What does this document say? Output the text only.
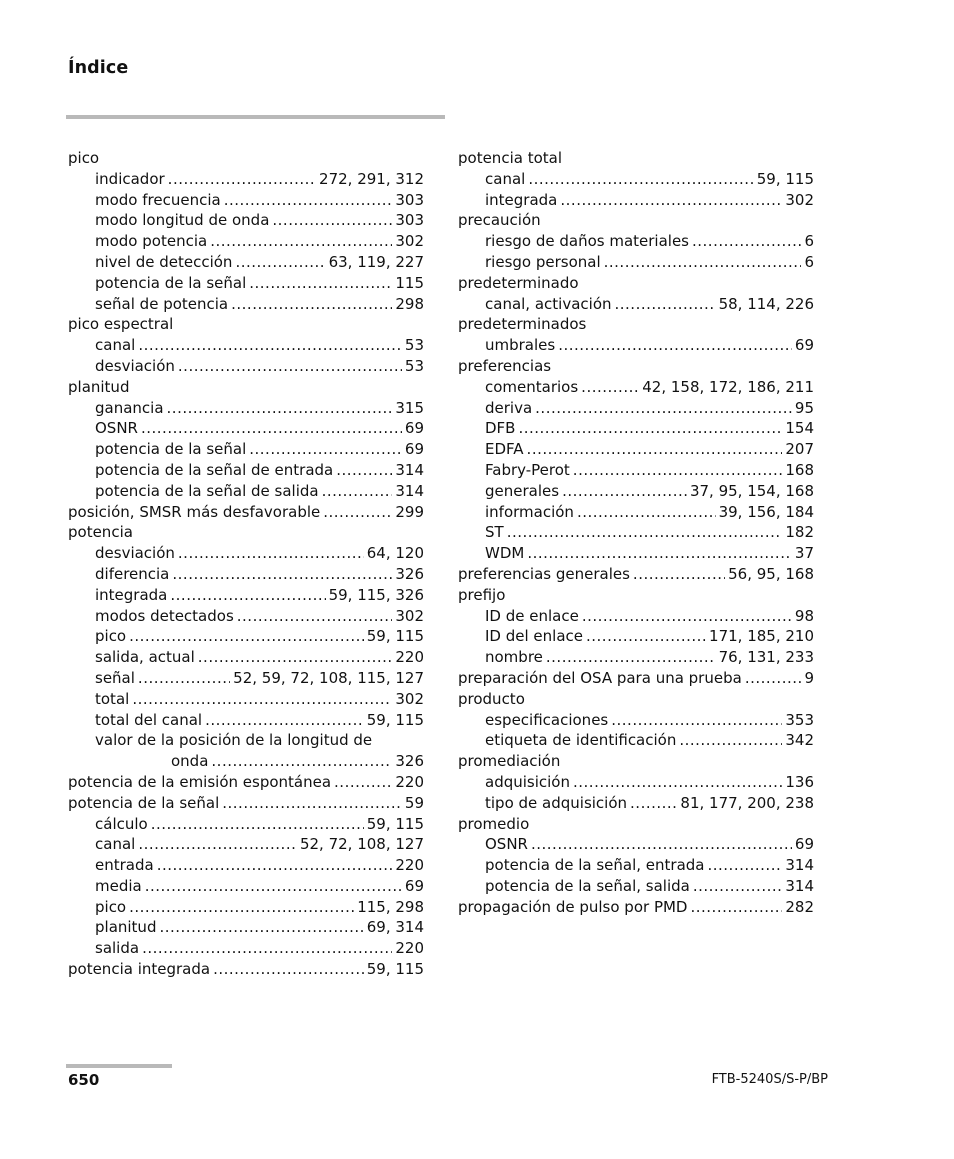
Índice
pico
indicador .....	272, 291, 312
modo frecuencia .....	303
modo longitud de onda .....	303
modo potencia .....	302
nivel de detección .....	63, 119, 227
potencia de la señal .....	115
señal de potencia .....	298
pico espectral
canal .....	53
desviación .....	53
planitud
ganancia .....	315
OSNR .....	69
potencia de la señal .....	69
potencia de la señal de entrada .....	314
potencia de la señal de salida .....	314
posición, SMSR más desfavorable .....	299
potencia
desviación .....	64, 120
diferencia .....	326
integrada .....	59, 115, 326
modos detectados .....	302
pico .....	59, 115
salida, actual .....	220
señal .....	52, 59, 72, 108, 115, 127
total .....	302
total del canal .....	59, 115
valor de la posición de la longitud de
onda .....	326
potencia de la emisión espontánea .....	220
potencia de la señal .....	59
cálculo .....	59, 115
canal .....	52, 72, 108, 127
entrada .....	220
media .....	69
pico .....	115, 298
planitud .....	69, 314
salida .....	220
potencia integrada .....	59, 115
potencia total
canal .....	59, 115
integrada .....	302
precaución
riesgo de daños materiales .....	6
riesgo personal .....	6
predeterminado
canal, activación .....	58, 114, 226
predeterminados
umbrales .....	69
preferencias
comentarios .....	42, 158, 172, 186, 211
deriva .....	95
DFB .....	154
EDFA .....	207
Fabry-Perot .....	168
generales .....	37, 95, 154, 168
información .....	39, 156, 184
ST .....	182
WDM .....	37
preferencias generales .....	56, 95, 168
prefijo
ID de enlace .....	98
ID del enlace .....	171, 185, 210
nombre .....	76, 131, 233
preparación del OSA para una prueba .....	9
producto
especificaciones .....	353
etiqueta de identificación .....	342
promediación
adquisición .....	136
tipo de adquisición .....	81, 177, 200, 238
promedio
OSNR .....	69
potencia de la señal, entrada .....	314
potencia de la señal, salida .....	314
propagación de pulso por PMD .....	282
650	FTB-5240S/S-P/BP
